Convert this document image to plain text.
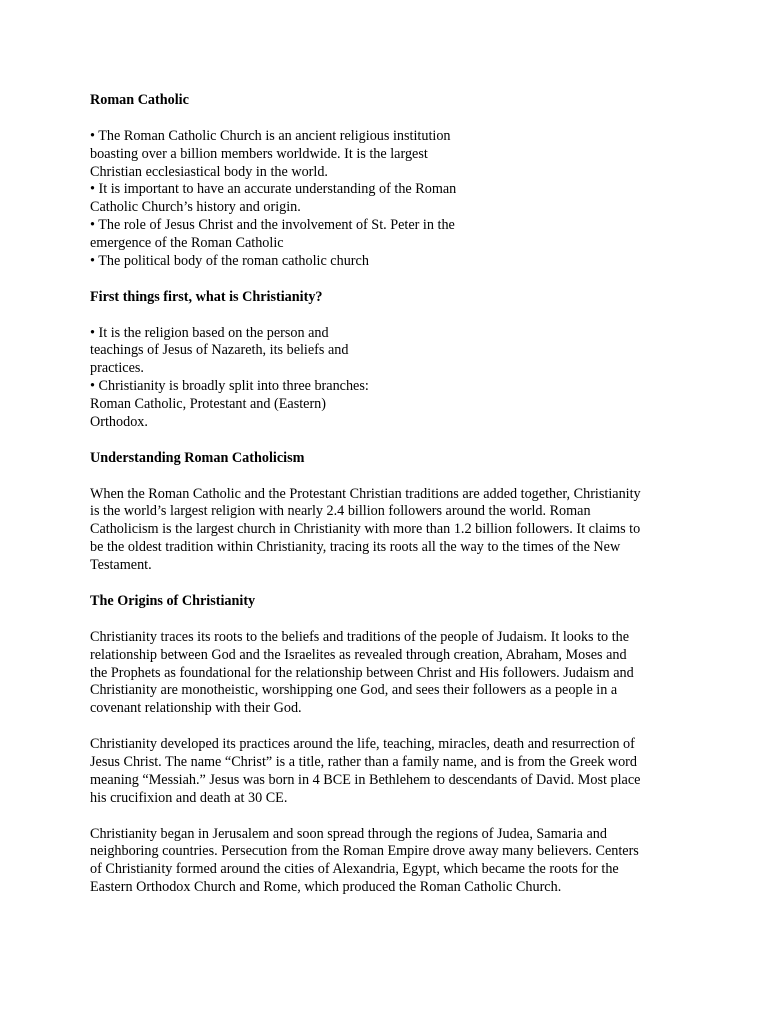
Roman Catholic
• The Roman Catholic Church is an ancient religious institution
boasting over a billion members worldwide. It is the largest
Christian ecclesiastical body in the world.
• It is important to have an accurate understanding of the Roman
Catholic Church’s history and origin.
• The role of Jesus Christ and the involvement of St. Peter in the
emergence of the Roman Catholic
• The political body of the roman catholic church
First things first, what is Christianity?
• It is the religion based on the person and
teachings of Jesus of Nazareth, its beliefs and
practices.
• Christianity is broadly split into three branches:
Roman Catholic, Protestant and (Eastern)
Orthodox.
Understanding Roman Catholicism
When the Roman Catholic and the Protestant Christian traditions are added together, Christianity
is the world’s largest religion with nearly 2.4 billion followers around the world. Roman
Catholicism is the largest church in Christianity with more than 1.2 billion followers. It claims to
be the oldest tradition within Christianity, tracing its roots all the way to the times of the New
Testament.
The Origins of Christianity
Christianity traces its roots to the beliefs and traditions of the people of Judaism. It looks to the
relationship between God and the Israelites as revealed through creation, Abraham, Moses and
the Prophets as foundational for the relationship between Christ and His followers. Judaism and
Christianity are monotheistic, worshipping one God, and sees their followers as a people in a
covenant relationship with their God.
Christianity developed its practices around the life, teaching, miracles, death and resurrection of
Jesus Christ. The name “Christ” is a title, rather than a family name, and is from the Greek word
meaning “Messiah.” Jesus was born in 4 BCE in Bethlehem to descendants of David. Most place
his crucifixion and death at 30 CE.
Christianity began in Jerusalem and soon spread through the regions of Judea, Samaria and
neighboring countries. Persecution from the Roman Empire drove away many believers. Centers
of Christianity formed around the cities of Alexandria, Egypt, which became the roots for the
Eastern Orthodox Church and Rome, which produced the Roman Catholic Church.
